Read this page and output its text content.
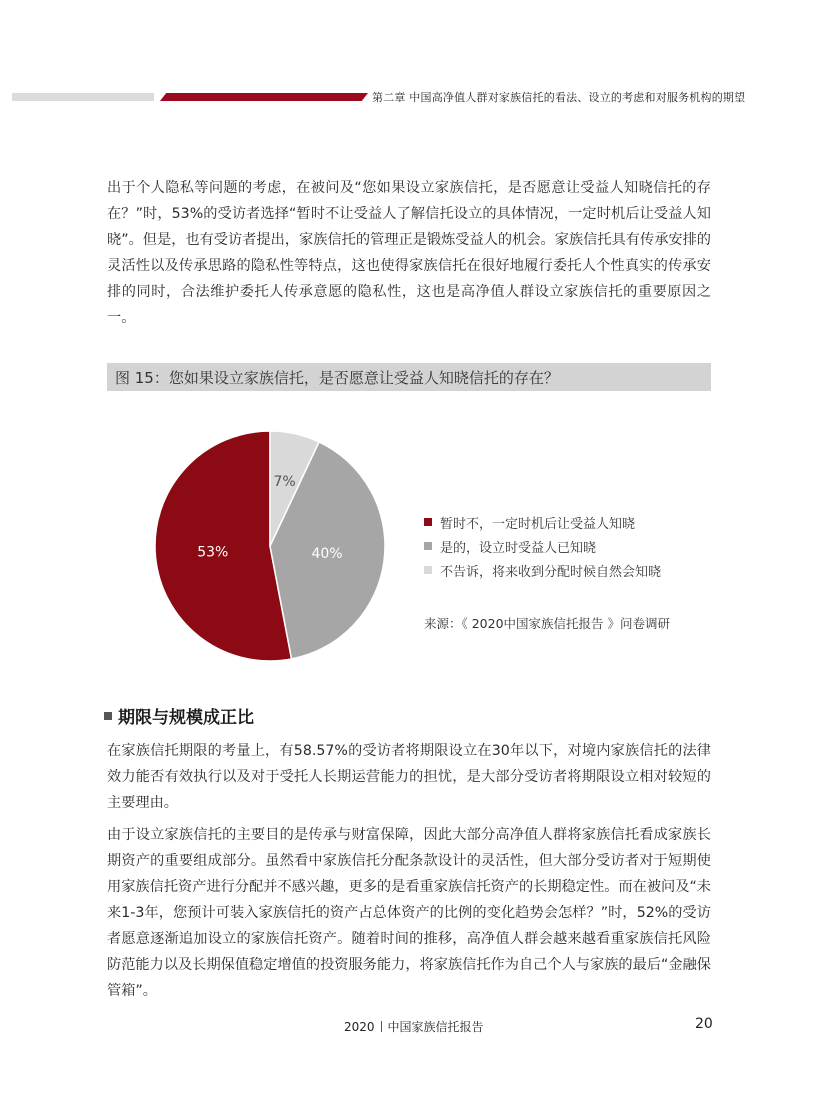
第二章 中国高净值人群对家族信托的看法、设立的考虑和对服务机构的期望

出于个人隐私等问题的考虑，在被问及“您如果设立家族信托，是否愿意让受益人知晓信托的存在？”时，53%的受访者选择“暂时不让受益人了解信托设立的具体情况，一定时机后让受益人知晓”。但是，也有受访者提出，家族信托的管理正是锻炼受益人的机会。家族信托具有传承安排的灵活性以及传承思路的隐私性等特点，这也使得家族信托在很好地履行委托人个性真实的传承安排的同时，合法维护委托人传承意愿的隐私性，这也是高净值人群设立家族信托的重要原因之一。

图 15：您如果设立家族信托，是否愿意让受益人知晓信托的存在？
53%	40%
7%
暂时不，一定时机后让受益人知晓
是的，设立时受益人已知晓
不告诉，将来收到分配时候自然会知晓
来源：《 2020中国家族信托报告 》问卷调研
期限与规模成正比

在家族信托期限的考量上，有58.57%的受访者将期限设立在30年以下，对境内家族信托的法律效力能否有效执行以及对于受托人长期运营能力的担忧，是大部分受访者将期限设立相对较短的主要理由。

由于设立家族信托的主要目的是传承与财富保障，因此大部分高净值人群将家族信托看成家族长期资产的重要组成部分。虽然看中家族信托分配条款设计的灵活性，但大部分受访者对于短期使用家族信托资产进行分配并不感兴趣，更多的是看重家族信托资产的长期稳定性。而在被问及“未来1-3年，您预计可装入家族信托的资产占总体资产的比例的变化趋势会怎样？”时，52%的受访者愿意逐渐追加设立的家族信托资产。随着时间的推移，高净值人群会越来越看重家族信托风险防范能力以及长期保值稳定增值的投资服务能力，将家族信托作为自己个人与家族的最后“金融保管箱”。

2020 中国家族信托报告	20
